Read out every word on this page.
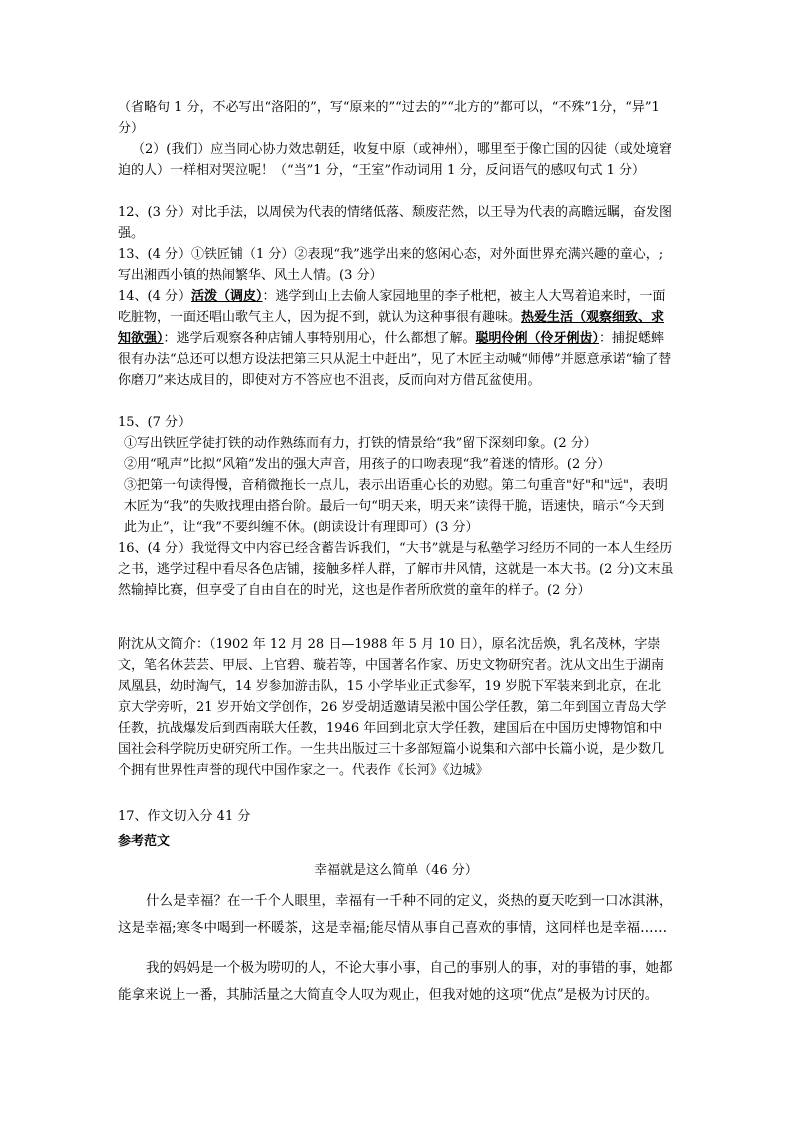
（省略句 1 分，不必写出“洛阳的”，写“原来的”“过去的”“北方的”都可以，“不殊”1分，“异”1 分）

（2）(我们）应当同心协力效忠朝廷，收复中原（或神州），哪里至于像亡国的囚徒（或处境窘迫的人）一样相对哭泣呢！（“当”1 分，“王室”作动词用 1 分，反问语气的感叹句式 1 分）

12、(3 分）对比手法，以周侯为代表的情绪低落、颓废茫然，以王导为代表的高瞻远瞩，奋发图强。

13、(4 分）①铁匠铺（1 分）②表现“我”逃学出来的悠闲心态，对外面世界充满兴趣的童心，;写出湘西小镇的热闹繁华、风土人情。(3 分）

14、(4 分）活泼（调皮）：逃学到山上去偷人家园地里的李子枇杷，被主人大骂着追来时，一面吃脏物，一面还唱山歌气主人，因为捉不到，就认为这种事很有趣味。热爱生活（观察细致、求知欲强）：逃学后观察各种店铺人事特别用心，什么都想了解。聪明伶俐（伶牙俐齿）：捕捉蟋蟀很有办法“总还可以想方设法把第三只从泥土中赶出”，见了木匠主动喊“师傅”并愿意承诺“输了替你磨刀”来达成目的，即使对方不答应也不沮丧，反而向对方借瓦盆使用。

15、(7 分）

①写出铁匠学徒打铁的动作熟练而有力，打铁的情景给“我”留下深刻印象。(2 分）

②用“吼声”比拟“风箱”发出的强大声音，用孩子的口吻表现“我”着迷的情形。(2 分）

③把第一句读得慢，音稍微拖长一点儿，表示出语重心长的劝慰。第二句重音"好"和"远"，表明木匠为“我”的失败找理由搭台阶。最后一句“明天来，明天来”读得干脆，语速快，暗示“今天到此为止”，让“我”不要纠缠不休。(朗读设计有理即可）(3 分）

16、(4 分）我觉得文中内容已经含蓄告诉我们，“大书”就是与私塾学习经历不同的一本人生经历之书，逃学过程中看尽各色店铺，接触多样人群，了解市井风情，这就是一本大书。(2 分)文末虽然输掉比赛，但享受了自由自在的时光，这也是作者所欣赏的童年的样子。(2 分）

附沈从文简介：（1902 年 12 月 28 日—1988 年 5 月 10 日），原名沈岳焕，乳名茂林，字崇文，笔名休芸芸、甲辰、上官碧、璇若等，中国著名作家、历史文物研究者。沈从文出生于湖南凤凰县，幼时淘气，14 岁参加游击队，15 小学毕业正式参军，19 岁脱下军装来到北京，在北京大学旁听，21 岁开始文学创作，26 岁受胡适邀请吴淞中国公学任教，第二年到国立青岛大学任教，抗战爆发后到西南联大任教，1946 年回到北京大学任教，建国后在中国历史博物馆和中国社会科学院历史研究所工作。一生共出版过三十多部短篇小说集和六部中长篇小说，是少数几个拥有世界性声誉的现代中国作家之一。代表作《长河》《边城》

17、作文切入分 41 分

参考范文

幸福就是这么简单（46 分）

什么是幸福？在一千个人眼里，幸福有一千种不同的定义，炎热的夏天吃到一口冰淇淋，这是幸福;寒冬中喝到一杯暖茶，这是幸福;能尽情从事自己喜欢的事情，这同样也是幸福……

我的妈妈是一个极为唠叨的人，不论大事小事，自己的事别人的事，对的事错的事，她都能拿来说上一番，其肺活量之大简直令人叹为观止，但我对她的这项“优点”是极为讨厌的。
